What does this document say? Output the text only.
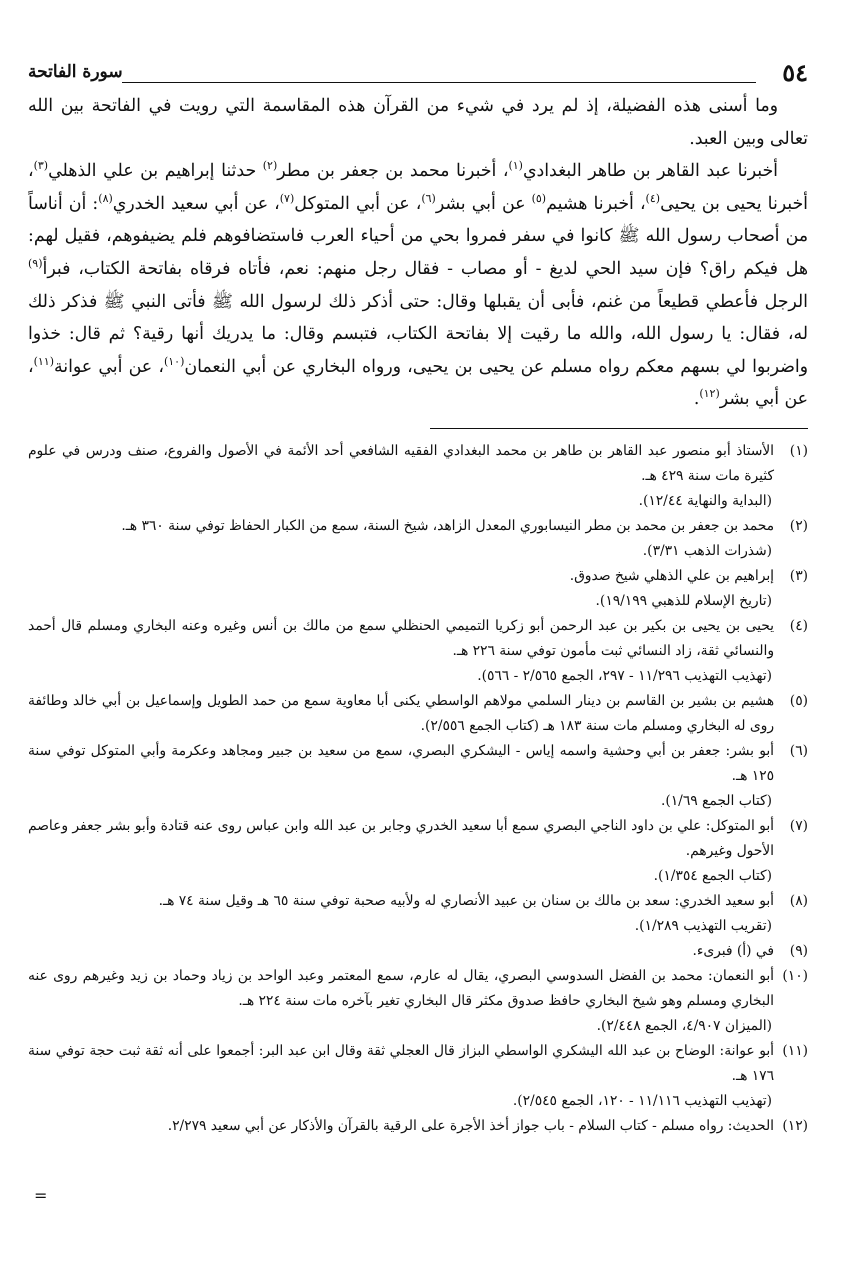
٥٤
سورة الفاتحة

وما أسنى هذه الفضيلة، إذ لم يرد في شيء من القرآن هذه المقاسمة التي رويت في الفاتحة بين الله تعالى وبين العبد.

أخبرنا عبد القاهر بن طاهر البغدادي$^{(١)}$، أخبرنا محمد بن جعفر بن مطر$^{(٢)}$ حدثنا إبراهيم بن علي الذهلي$^{(٣)}$، أخبرنا يحيى بن يحيى$^{(٤)}$، أخبرنا هشيم$^{(٥)}$ عن أبي بشر$^{(٦)}$، عن أبي المتوكل$^{(٧)}$، عن أبي سعيد الخدري$^{(٨)}$: أن أناساً من أصحاب رسول الله ﷺ كانوا في سفر فمروا بحي من أحياء العرب فاستضافوهم فلم يضيفوهم، فقيل لهم: هل فيكم راق؟ فإن سيد الحي لديغ - أو مصاب - فقال رجل منهم: نعم، فأتاه فرقاه بفاتحة الكتاب، فبرأ$^{(٩)}$ الرجل فأعطي قطيعاً من غنم، فأبى أن يقبلها وقال: حتى أذكر ذلك لرسول الله ﷺ فأتى النبي ﷺ فذكر ذلك له، فقال: يا رسول الله، والله ما رقيت إلا بفاتحة الكتاب، فتبسم وقال: ما يدريك أنها رقية؟ ثم قال: خذوا واضربوا لي بسهم معكم رواه مسلم عن يحيى بن يحيى، ورواه البخاري عن أبي النعمان$^{(١٠)}$، عن أبي عوانة$^{(١١)}$، عن أبي بشر$^{(١٢)}$.

(١)
الأستاذ أبو منصور عبد القاهر بن طاهر بن محمد البغدادي الفقيه الشافعي أحد الأئمة في الأصول والفروع، صنف ودرس في علوم كثيرة مات سنة ٤٢٩ هـ.
(البداية والنهاية ١٢/٤٤).
(٢)
محمد بن جعفر بن محمد بن مطر النيسابوري المعدل الزاهد، شيخ السنة، سمع من الكبار الحفاظ توفي سنة ٣٦٠ هـ.
(شذرات الذهب ٣/٣١).
(٣)
إبراهيم بن علي الذهلي شيخ صدوق.
(تاريخ الإسلام للذهبي ١٩/١٩٩).
(٤)
يحيى بن يحيى بن بكير بن عبد الرحمن أبو زكريا التميمي الحنظلي سمع من مالك بن أنس وغيره وعنه البخاري ومسلم قال أحمد والنسائي ثقة، زاد النسائي ثبت مأمون توفي سنة ٢٢٦ هـ.
(تهذيب التهذيب ١١/٢٩٦ - ٢٩٧، الجمع ٢/٥٦٥ - ٥٦٦).
(٥)
هشيم بن بشير بن القاسم بن دينار السلمي مولاهم الواسطي يكنى أبا معاوية سمع من حمد الطويل وإسماعيل بن أبي خالد وطائفة روى له البخاري ومسلم مات سنة ١٨٣ هـ (كتاب الجمع ٢/٥٥٦).
(٦)
أبو بشر: جعفر بن أبي وحشية واسمه إياس - اليشكري البصري، سمع من سعيد بن جبير ومجاهد وعكرمة وأبي المتوكل توفي سنة ١٢٥ هـ.
(كتاب الجمع ١/٦٩).
(٧)
أبو المتوكل: علي بن داود الناجي البصري سمع أبا سعيد الخدري وجابر بن عبد الله وابن عباس روى عنه قتادة وأبو بشر جعفر وعاصم الأحول وغيرهم.
(كتاب الجمع ١/٣٥٤).
(٨)
أبو سعيد الخدري: سعد بن مالك بن سنان بن عبيد الأنصاري له ولأبيه صحبة توفي سنة ٦٥ هـ وقيل سنة ٧٤ هـ.
(تقريب التهذيب ١/٢٨٩).
(٩)
في (أ) فبرىء.
(١٠)
أبو النعمان: محمد بن الفضل السدوسي البصري، يقال له عارم، سمع المعتمر وعبد الواحد بن زياد وحماد بن زيد وغيرهم روى عنه البخاري ومسلم وهو شيخ البخاري حافظ صدوق مكثر قال البخاري تغير بآخره مات سنة ٢٢٤ هـ.
(الميزان ٤/٩٠٧، الجمع ٢/٤٤٨).
(١١)
أبو عوانة: الوضاح بن عبد الله اليشكري الواسطي البزاز قال العجلي ثقة وقال ابن عبد البر: أجمعوا على أنه ثقة ثبت حجة توفي سنة ١٧٦ هـ.
(تهذيب التهذيب ١١/١١٦ - ١٢٠، الجمع ٢/٥٤٥).
(١٢)
الحديث: رواه مسلم - كتاب السلام - باب جواز أخذ الأجرة على الرقية بالقرآن والأذكار عن أبي سعيد ٢/٢٧٩.
=
